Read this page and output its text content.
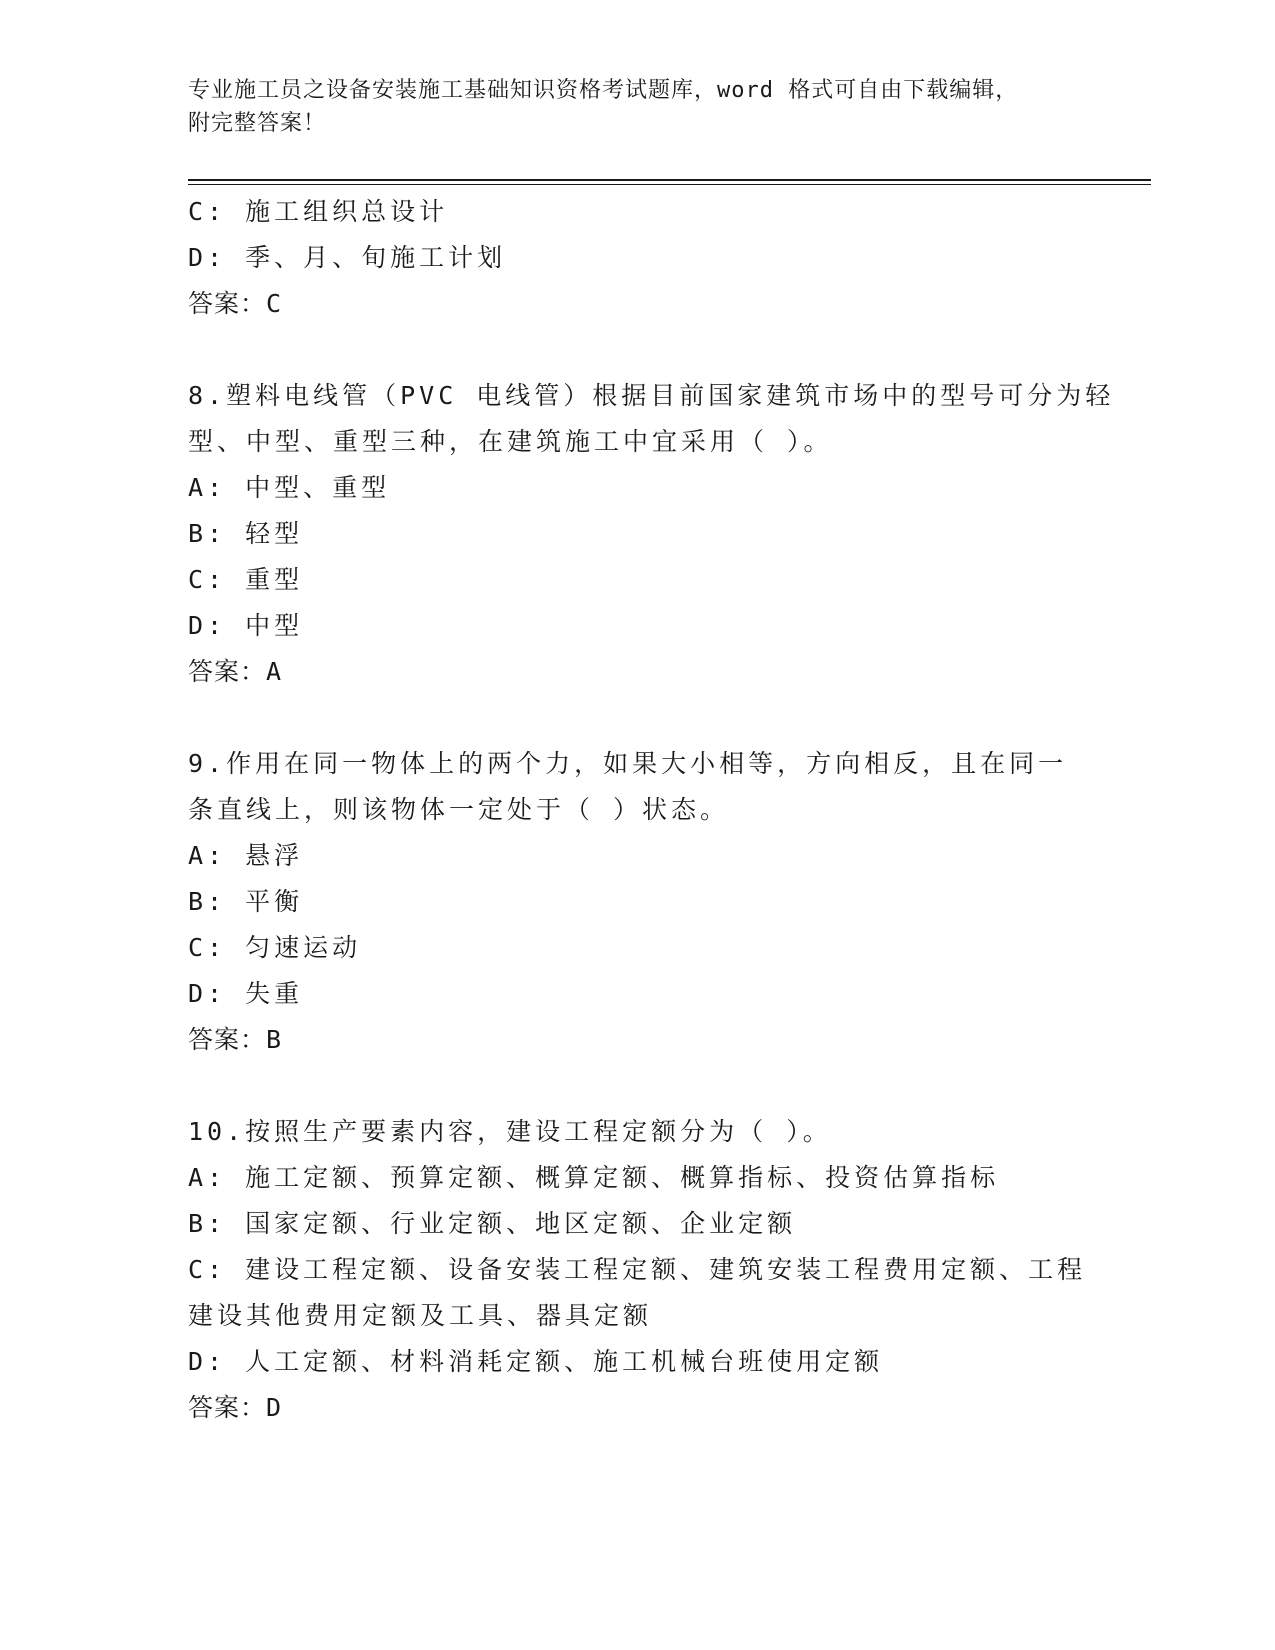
专业施工员之设备安装施工基础知识资格考试题库，word 格式可自由下载编辑，
附完整答案！
C: 施工组织总设计
D: 季、月、旬施工计划
答案：C
8.塑料电线管（PVC 电线管）根据目前国家建筑市场中的型号可分为轻
型、中型、重型三种，在建筑施工中宜采用（ ）。
A: 中型、重型
B: 轻型
C: 重型
D: 中型
答案：A
9.作用在同一物体上的两个力，如果大小相等，方向相反，且在同一
条直线上，则该物体一定处于（ ）状态。
A: 悬浮
B: 平衡
C: 匀速运动
D: 失重
答案：B
10.按照生产要素内容，建设工程定额分为（ ）。
A: 施工定额、预算定额、概算定额、概算指标、投资估算指标
B: 国家定额、行业定额、地区定额、企业定额
C: 建设工程定额、设备安装工程定额、建筑安装工程费用定额、工程
建设其他费用定额及工具、器具定额
D: 人工定额、材料消耗定额、施工机械台班使用定额
答案：D
